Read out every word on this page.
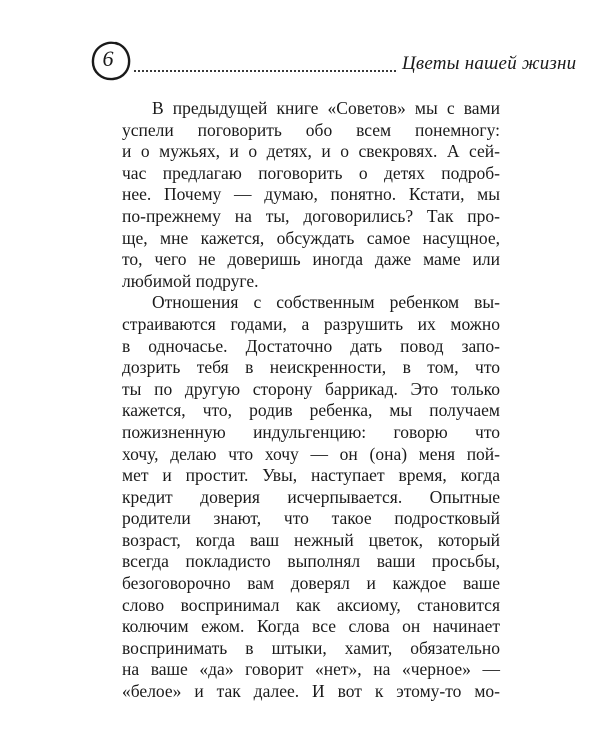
6	Цветы нашей жизни

В предыдущей книге «Советов» мы с вами
успели поговорить обо всем понемногу:
и о мужьях, и о детях, и о свекровях. А сей-
час предлагаю поговорить о детях подроб-
нее. Почему — думаю, понятно. Кстати, мы
по-прежнему на ты, договорились? Так про-
ще, мне кажется, обсуждать самое насущное,
то, чего не доверишь иногда даже маме или
любимой подруге.

Отношения с собственным ребенком вы-
страиваются годами, а разрушить их можно
в одночасье. Достаточно дать повод запо-
дозрить тебя в неискренности, в том, что
ты по другую сторону баррикад. Это только
кажется, что, родив ребенка, мы получаем
пожизненную индульгенцию: говорю что
хочу, делаю что хочу — он (она) меня пой-
мет и простит. Увы, наступает время, когда
кредит доверия исчерпывается. Опытные
родители знают, что такое подростковый
возраст, когда ваш нежный цветок, который
всегда покладисто выполнял ваши просьбы,
безоговорочно вам доверял и каждое ваше
слово воспринимал как аксиому, становится
колючим ежом. Когда все слова он начинает
воспринимать в штыки, хамит, обязательно
на ваше «да» говорит «нет», на «черное» —
«белое» и так далее. И вот к этому-то мо-
